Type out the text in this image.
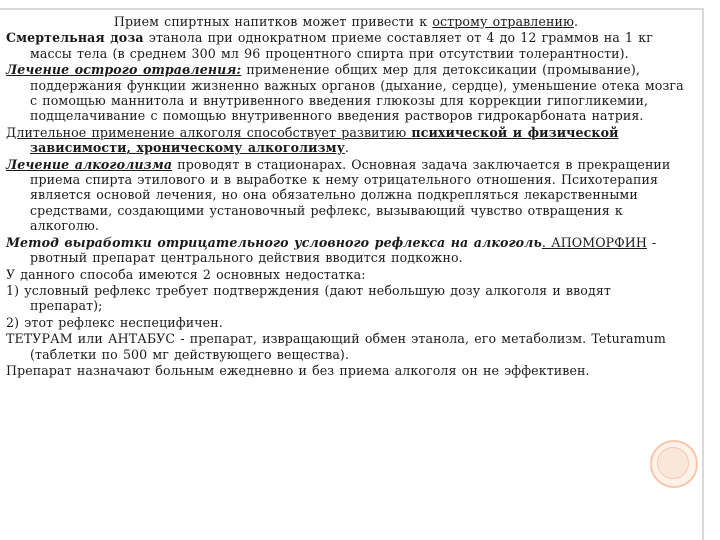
Прием спиртных напитков может привести к острому отравлению.

Смертельная доза этанола при однократном приеме составляет от 4 до 12 граммов на 1 кг массы тела (в среднем 300 мл 96 процентного спирта при отсутствии толерантности).

Лечение острого отравления: применение общих мер для детоксикации (промывание), поддержания функции жизненно важных органов (дыхание, сердце), уменьшение отека мозга с помощью маннитола и внутривенного введения глюкозы для коррекции гипогликемии, подщелачивание с помощью внутривенного введения растворов гидрокарбоната натрия.

Длительное применение алкоголя способствует развитию психической и физической зависимости, хроническому алкоголизму.

Лечение алкоголизма проводят в стационарах. Основная задача заключается в прекращении приема спирта этилового и в выработке к нему отрицательного отношения. Психотерапия является основой лечения, но она обязательно должна подкрепляться лекарственными средствами, создающими установочный рефлекс, вызывающий чувство отвращения к алкоголю.

Метод выработки отрицательного условного рефлекса на алкоголь. АПОМОРФИН - рвотный препарат центрального действия вводится подкожно.

У данного способа имеются 2 основных недостатка:

1) условный рефлекс требует подтверждения (дают небольшую дозу алкоголя и вводят препарат);

2) этот рефлекс неспецифичен.

ТЕТУРАМ или АНТАБУС - препарат, извращающий обмен этанола, его метаболизм. Teturamum (таблетки по 500 мг действующего вещества).

Препарат назначают больным ежедневно и без приема алкоголя он не эффективен.
